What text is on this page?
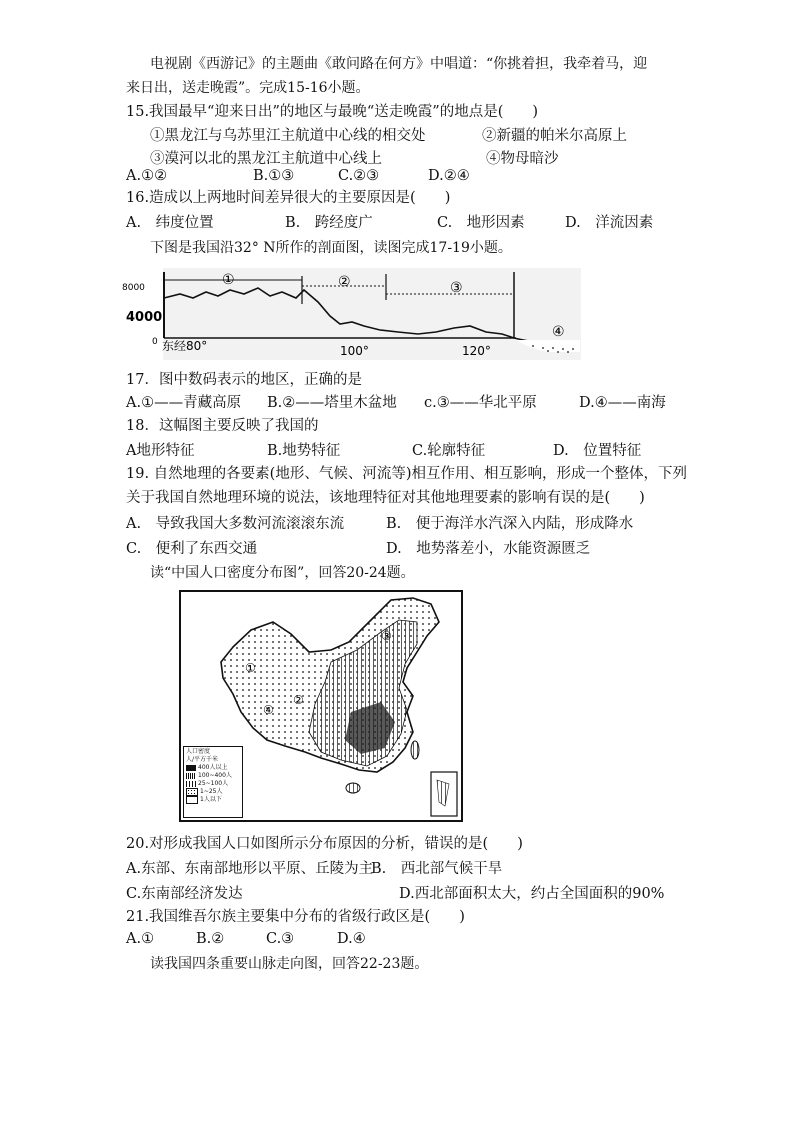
电视剧《西游记》的主题曲《敢问路在何方》中唱道：“你挑着担，我牵着马，迎
来日出，送走晚霞”。完成15-16小题。
15.我国最早“迎来日出”的地区与最晚“送走晚霞”的地点是(　　)
①黑龙江与乌苏里江主航道中心线的相交处	②新疆的帕米尔高原上
③漠河以北的黑龙江主航道中心线上	④物母暗沙
A.①②	B.①③	C.②③	D.②④
16.造成以上两地时间差异很大的主要原因是(　　)
A.　纬度位置	B.　跨经度广	C.　地形因素	D.　洋流因素
下图是我国沿32° N所作的剖面图，读图完成17-19小题。
8000
4000
0
①	②	③
④
东经80°	100°	120°
17．图中数码表示的地区，正确的是
A.①——青藏高原 B.②——塔里木盆地 c.③——华北平原	D.④——南海
18．这幅图主要反映了我国的
A地形特征	B.地势特征	C.轮廓特征	D.　位置特征
19. 自然地理的各要素(地形、气候、河流等)相互作用、相互影响，形成一个整体，下列
关于我国自然地理环境的说法，该地理特征对其他地理要素的影响有误的是(　　)
A.　导致我国大多数河流滚滚东流	B.　便于海洋水汽深入内陆，形成降水
C.　便利了东西交通	D.　地势落差小，水能资源匮乏
读“中国人口密度分布图”，回答20-24题。
①
②
③
④
人口密度
人/平方千米
400人以上
100~400人
25~100人
1~25人
1人以下
20.对形成我国人口如图所示分布原因的分析，错误的是(　　)
A.东部、东南部地形以平原、丘陵为主
B.　西北部气候干旱
C.东南部经济发达	D.西北部面积太大，约占全国面积的90%
21.我国维吾尔族主要集中分布的省级行政区是(　　)
A.①	B.②	C.③	D.④
读我国四条重要山脉走向图，回答22-23题。
